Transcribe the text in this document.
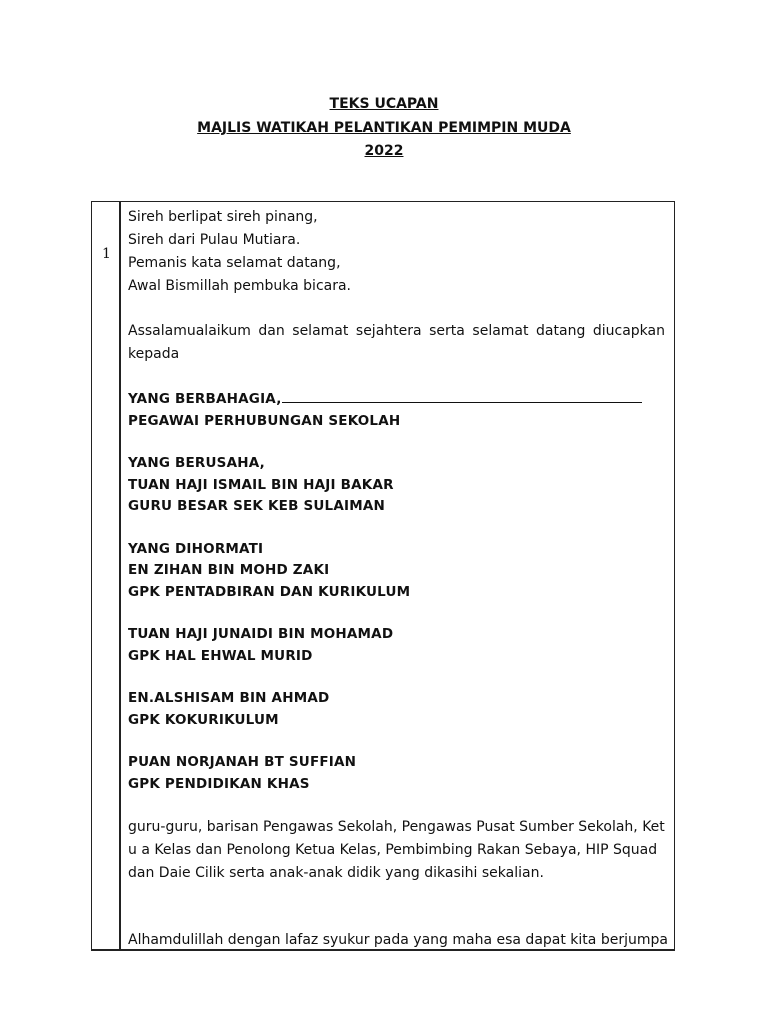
TEKS UCAPAN
MAJLIS WATIKAH PELANTIKAN PEMIMPIN MUDA
2022
1

Sireh berlipat sireh pinang,

Sireh dari Pulau Mutiara.

Pemanis kata selamat datang,

Awal Bismillah pembuka bicara.

Assalamualaikum dan selamat sejahtera serta selamat datang diucapkan kepada

YANG BERBAHAGIA,

PEGAWAI PERHUBUNGAN SEKOLAH

YANG BERUSAHA,

TUAN HAJI ISMAIL BIN HAJI BAKAR

GURU BESAR SEK KEB SULAIMAN

YANG DIHORMATI

EN ZIHAN BIN MOHD ZAKI

GPK PENTADBIRAN DAN KURIKULUM

TUAN HAJI JUNAIDI BIN MOHAMAD

GPK HAL EHWAL MURID

EN.ALSHISAM BIN AHMAD

GPK KOKURIKULUM

PUAN NORJANAH BT SUFFIAN

GPK PENDIDIKAN KHAS

guru-guru, barisan Pengawas Sekolah, Pengawas Pusat Sumber Sekolah, Ketu a Kelas dan Penolong Ketua Kelas, Pembimbing Rakan Sebaya, HIP Squad dan Daie Cilik serta anak-anak didik yang dikasihi sekalian.

Alhamdulillah dengan lafaz syukur pada yang maha esa dapat kita berjumpa
